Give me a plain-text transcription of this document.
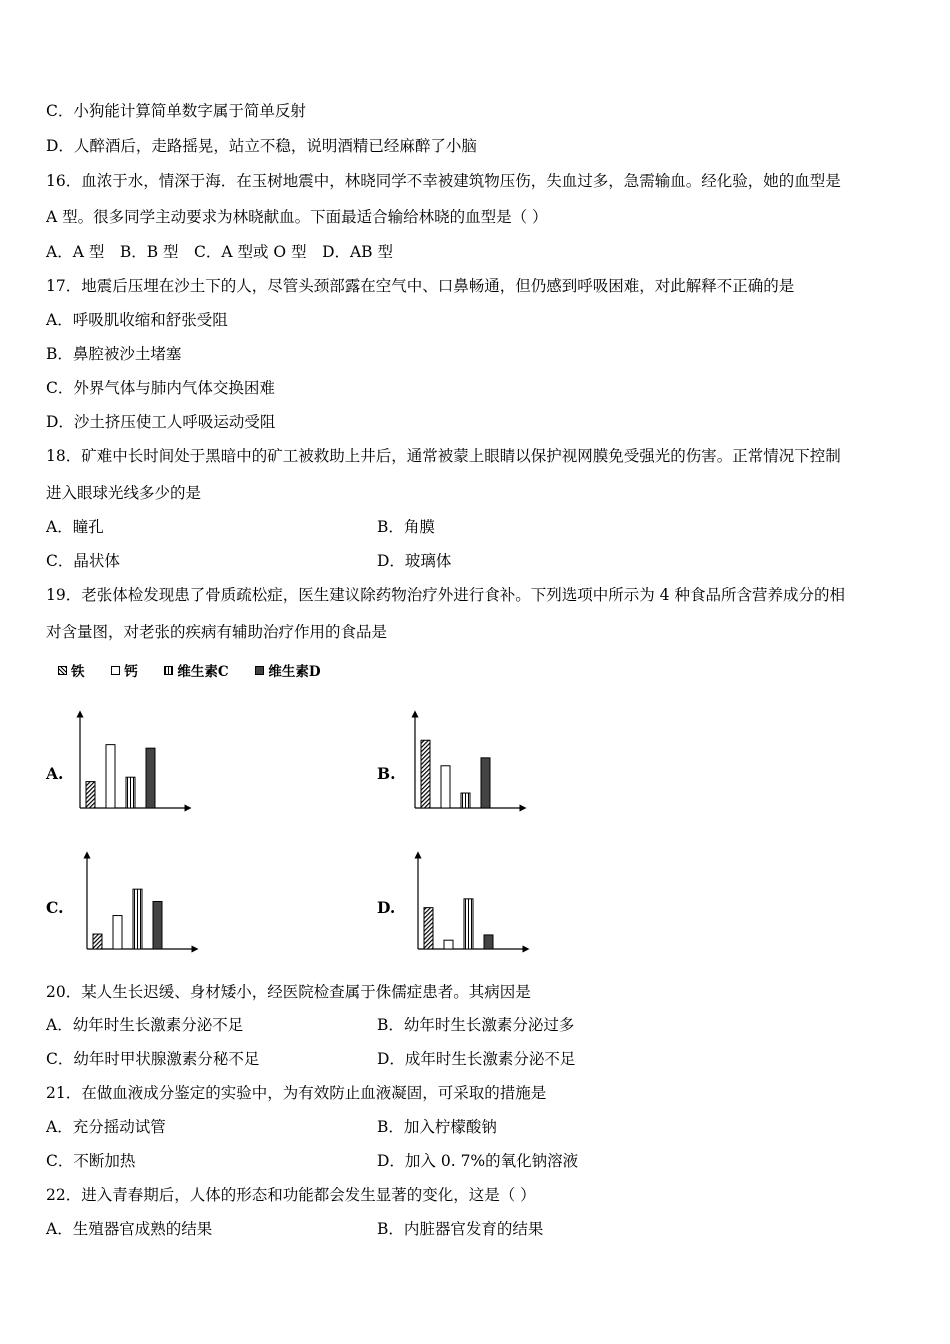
C．小狗能计算简单数字属于简单反射
D．人醉酒后，走路摇晃，站立不稳，说明酒精已经麻醉了小脑
16．血浓于水，情深于海．在玉树地震中，林晓同学不幸被建筑物压伤，失血过多，急需输血。经化验，她的血型是
A 型。很多同学主动要求为林晓献血。下面最适合输给林晓的血型是（ ）
A．A 型　B．B 型　C．A 型或 O 型　D．AB 型
17．地震后压埋在沙土下的人，尽管头颈部露在空气中、口鼻畅通，但仍感到呼吸困难，对此解释不正确的是
A．呼吸肌收缩和舒张受阻
B．鼻腔被沙土堵塞
C．外界气体与肺内气体交换困难
D．沙土挤压使工人呼吸运动受阻
18．矿难中长时间处于黑暗中的矿工被救助上井后，通常被蒙上眼睛以保护视网膜免受强光的伤害。正常情况下控制
进入眼球光线多少的是
A．瞳孔	B．角膜
C．晶状体	D．玻璃体
19．老张体检发现患了骨质疏松症，医生建议除药物治疗外进行食补。下列选项中所示为 4 种食品所含营养成分的相
对含量图，对老张的疾病有辅助治疗作用的食品是
铁
	钙
	维生素C
	维生素D
A.	B.
C.	D.
20．某人生长迟缓、身材矮小，经医院检查属于侏儒症患者。其病因是
A．幼年时生长激素分泌不足	B．幼年时生长激素分泌过多
C．幼年时甲状腺激素分秘不足	D．成年时生长激素分泌不足
21．在做血液成分鉴定的实验中，为有效防止血液凝固，可采取的措施是
A．充分摇动试管	B．加入柠檬酸钠
C．不断加热	D．加入 0. 7%的氧化钠溶液
22．进入青春期后，人体的形态和功能都会发生显著的变化，这是（ ）
A．生殖器官成熟的结果	B．内脏器官发育的结果
